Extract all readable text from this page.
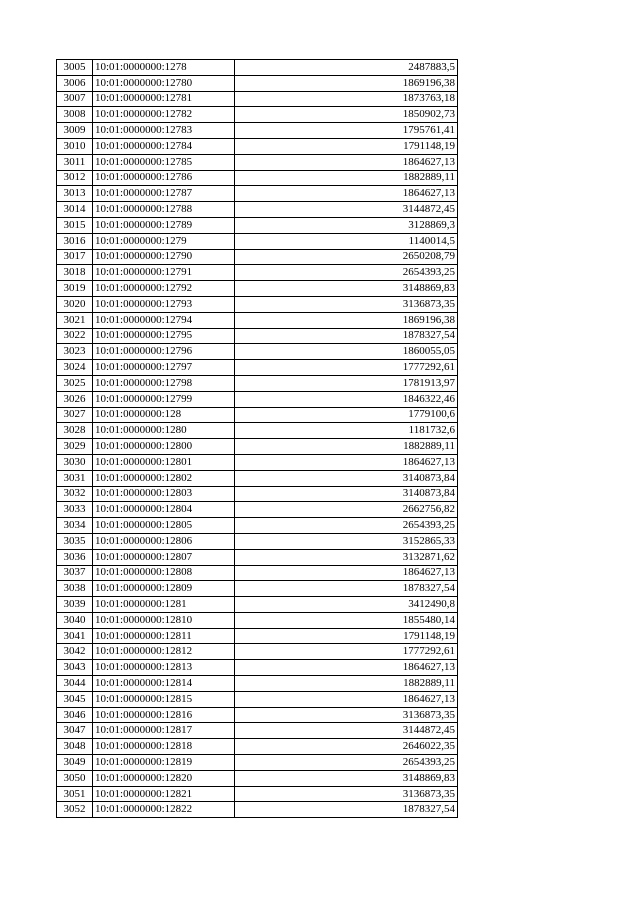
3005	10:01:0000000:1278	2487883,5
3006	10:01:0000000:12780	1869196,38
3007	10:01:0000000:12781	1873763,18
3008	10:01:0000000:12782	1850902,73
3009	10:01:0000000:12783	1795761,41
3010	10:01:0000000:12784	1791148,19
3011	10:01:0000000:12785	1864627,13
3012	10:01:0000000:12786	1882889,11
3013	10:01:0000000:12787	1864627,13
3014	10:01:0000000:12788	3144872,45
3015	10:01:0000000:12789	3128869,3
3016	10:01:0000000:1279	1140014,5
3017	10:01:0000000:12790	2650208,79
3018	10:01:0000000:12791	2654393,25
3019	10:01:0000000:12792	3148869,83
3020	10:01:0000000:12793	3136873,35
3021	10:01:0000000:12794	1869196,38
3022	10:01:0000000:12795	1878327,54
3023	10:01:0000000:12796	1860055,05
3024	10:01:0000000:12797	1777292,61
3025	10:01:0000000:12798	1781913,97
3026	10:01:0000000:12799	1846322,46
3027	10:01:0000000:128	1779100,6
3028	10:01:0000000:1280	1181732,6
3029	10:01:0000000:12800	1882889,11
3030	10:01:0000000:12801	1864627,13
3031	10:01:0000000:12802	3140873,84
3032	10:01:0000000:12803	3140873,84
3033	10:01:0000000:12804	2662756,82
3034	10:01:0000000:12805	2654393,25
3035	10:01:0000000:12806	3152865,33
3036	10:01:0000000:12807	3132871,62
3037	10:01:0000000:12808	1864627,13
3038	10:01:0000000:12809	1878327,54
3039	10:01:0000000:1281	3412490,8
3040	10:01:0000000:12810	1855480,14
3041	10:01:0000000:12811	1791148,19
3042	10:01:0000000:12812	1777292,61
3043	10:01:0000000:12813	1864627,13
3044	10:01:0000000:12814	1882889,11
3045	10:01:0000000:12815	1864627,13
3046	10:01:0000000:12816	3136873,35
3047	10:01:0000000:12817	3144872,45
3048	10:01:0000000:12818	2646022,35
3049	10:01:0000000:12819	2654393,25
3050	10:01:0000000:12820	3148869,83
3051	10:01:0000000:12821	3136873,35
3052	10:01:0000000:12822	1878327,54
